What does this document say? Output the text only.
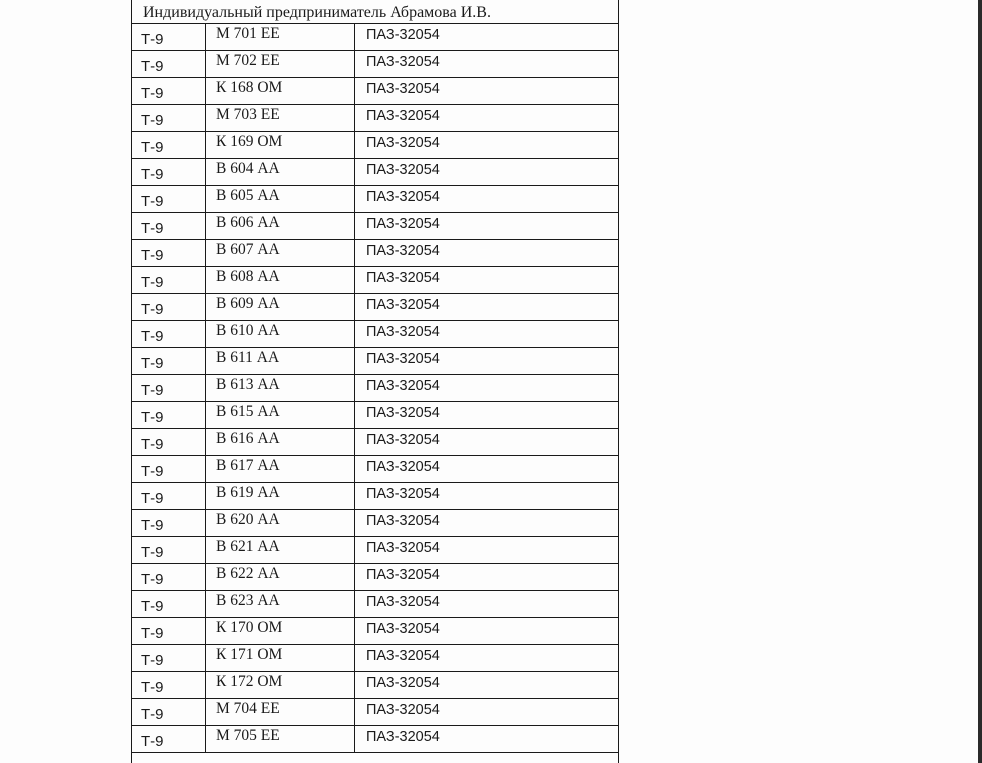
Индивидуальный предприниматель Абрамова И.В.
Т-9	М 701 ЕЕ	ПАЗ-32054
Т-9	М 702 ЕЕ	ПАЗ-32054
Т-9	К 168 ОМ	ПАЗ-32054
Т-9	М 703 ЕЕ	ПАЗ-32054
Т-9	К 169 ОМ	ПАЗ-32054
Т-9	В 604 АА	ПАЗ-32054
Т-9	В 605 АА	ПАЗ-32054
Т-9	В 606 АА	ПАЗ-32054
Т-9	В 607 АА	ПАЗ-32054
Т-9	В 608 АА	ПАЗ-32054
Т-9	В 609 АА	ПАЗ-32054
Т-9	В 610 АА	ПАЗ-32054
Т-9	В 611 АА	ПАЗ-32054
Т-9	В 613 АА	ПАЗ-32054
Т-9	В 615 АА	ПАЗ-32054
Т-9	В 616 АА	ПАЗ-32054
Т-9	В 617 АА	ПАЗ-32054
Т-9	В 619 АА	ПАЗ-32054
Т-9	В 620 АА	ПАЗ-32054
Т-9	В 621 АА	ПАЗ-32054
Т-9	В 622 АА	ПАЗ-32054
Т-9	В 623 АА	ПАЗ-32054
Т-9	К 170 ОМ	ПАЗ-32054
Т-9	К 171 ОМ	ПАЗ-32054
Т-9	К 172 ОМ	ПАЗ-32054
Т-9	М 704 ЕЕ	ПАЗ-32054
Т-9	М 705 ЕЕ	ПАЗ-32054
